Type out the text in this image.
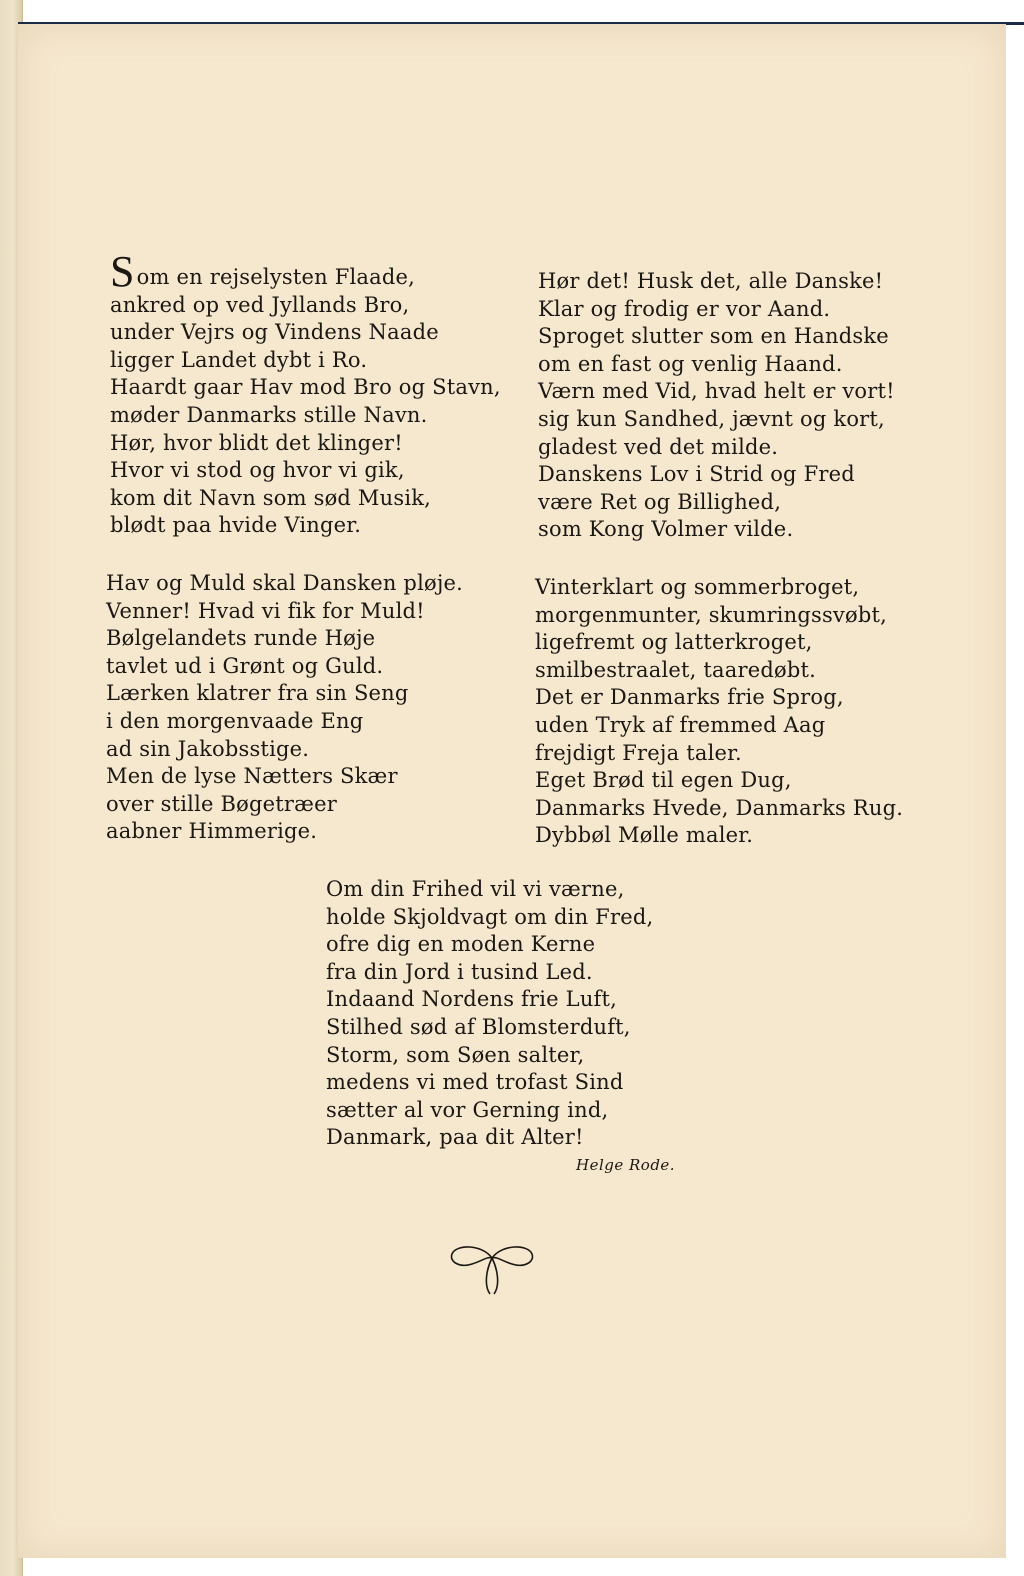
Som en rejselysten Flaade,
ankred op ved Jyllands Bro,
under Vejrs og Vindens Naade
ligger Landet dybt i Ro.
Haardt gaar Hav mod Bro og Stavn,
møder Danmarks stille Navn.
Hør, hvor blidt det klinger!
Hvor vi stod og hvor vi gik,
kom dit Navn som sød Musik,
blødt paa hvide Vinger.
Hør det! Husk det, alle Danske!
Klar og frodig er vor Aand.
Sproget slutter som en Handske
om en fast og venlig Haand.
Værn med Vid, hvad helt er vort!
sig kun Sandhed, jævnt og kort,
gladest ved det milde.
Danskens Lov i Strid og Fred
være Ret og Billighed,
som Kong Volmer vilde.
Hav og Muld skal Dansken pløje.
Venner! Hvad vi fik for Muld!
Bølgelandets runde Høje
tavlet ud i Grønt og Guld.
Lærken klatrer fra sin Seng
i den morgenvaade Eng
ad sin Jakobsstige.
Men de lyse Nætters Skær
over stille Bøgetræer
aabner Himmerige.
Vinterklart og sommerbroget,
morgenmunter, skumringssvøbt,
ligefremt og latterkroget,
smilbestraalet, taaredøbt.
Det er Danmarks frie Sprog,
uden Tryk af fremmed Aag
frejdigt Freja taler.
Eget Brød til egen Dug,
Danmarks Hvede, Danmarks Rug.
Dybbøl Mølle maler.
Om din Frihed vil vi værne,
holde Skjoldvagt om din Fred,
ofre dig en moden Kerne
fra din Jord i tusind Led.
Indaand Nordens frie Luft,
Stilhed sød af Blomsterduft,
Storm, som Søen salter,
medens vi med trofast Sind
sætter al vor Gerning ind,
Danmark, paa dit Alter!
Helge Rode.
